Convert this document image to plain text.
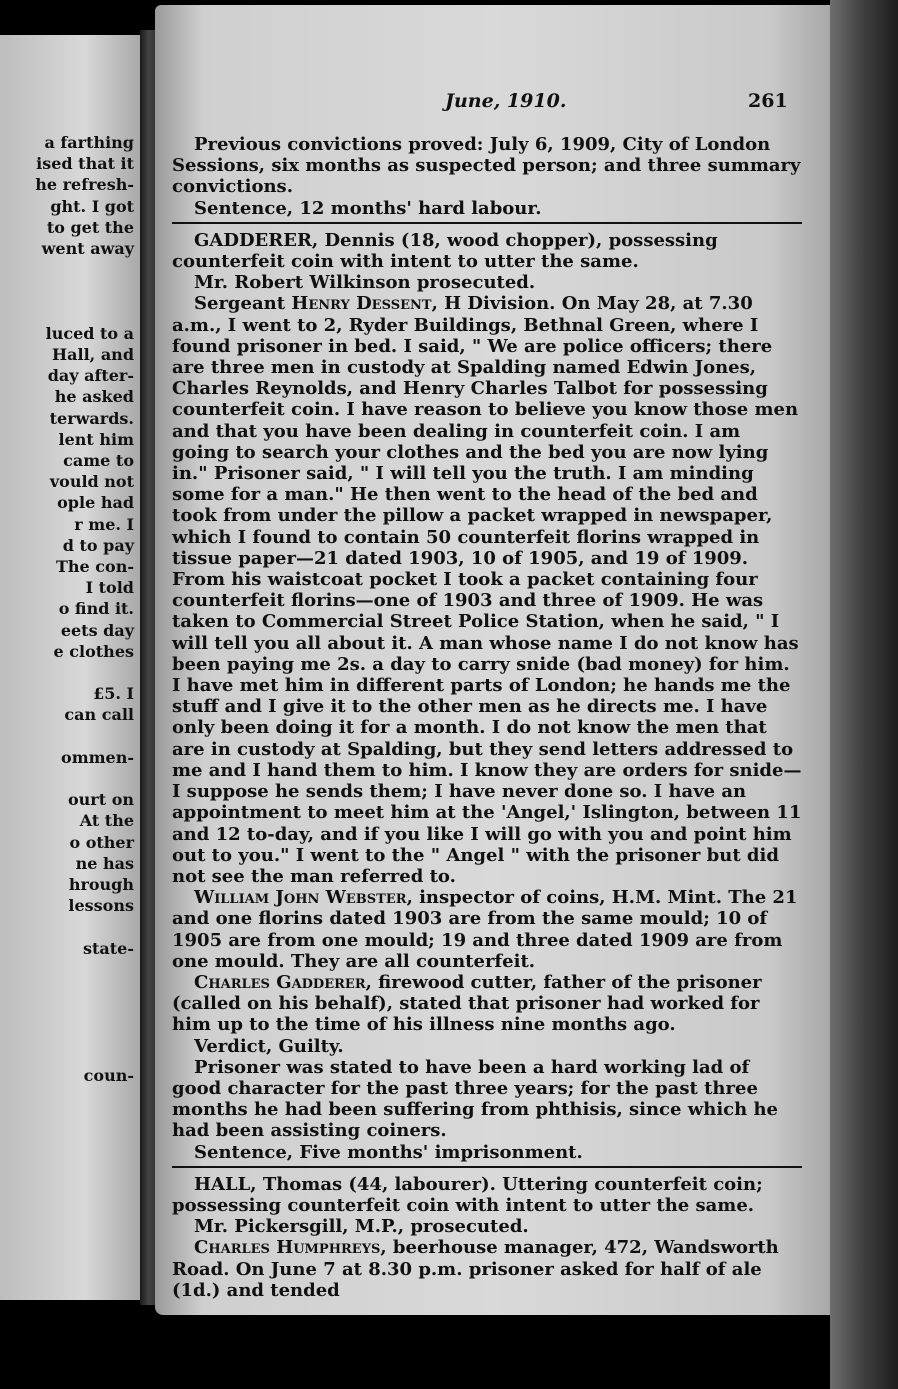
a farthing
ised that it
he refresh-
ght. I got
to get the
went away
luced to a
Hall, and
day after-
he asked
terwards.
lent him
came to
vould not
ople had
r me. I
d to pay
The con-
I told
o find it.
eets day
e clothes
£5. I
can call
ommen-
ourt on
At the
o other
ne has
hrough
lessons
state-
coun-
June, 1910.	261

Previous convictions proved: July 6, 1909, City of London Sessions, six months as suspected person; and three summary convictions.

Sentence, 12 months' hard labour.

GADDERER, Dennis (18, wood chopper), possessing counterfeit coin with intent to utter the same.

Mr. Robert Wilkinson prosecuted.

Sergeant Henry Dessent, H Division. On May 28, at 7.30 a.m., I went to 2, Ryder Buildings, Bethnal Green, where I found prisoner in bed. I said, " We are police officers; there are three men in custody at Spalding named Edwin Jones, Charles Reynolds, and Henry Charles Talbot for possessing counterfeit coin. I have reason to believe you know those men and that you have been dealing in counterfeit coin. I am going to search your clothes and the bed you are now lying in." Prisoner said, " I will tell you the truth. I am minding some for a man." He then went to the head of the bed and took from under the pillow a packet wrapped in newspaper, which I found to contain 50 counterfeit florins wrapped in tissue paper—21 dated 1903, 10 of 1905, and 19 of 1909. From his waistcoat pocket I took a packet containing four counterfeit florins—one of 1903 and three of 1909. He was taken to Commercial Street Police Station, when he said, " I will tell you all about it. A man whose name I do not know has been paying me 2s. a day to carry snide (bad money) for him. I have met him in different parts of London; he hands me the stuff and I give it to the other men as he directs me. I have only been doing it for a month. I do not know the men that are in custody at Spalding, but they send letters addressed to me and I hand them to him. I know they are orders for snide—I suppose he sends them; I have never done so. I have an appointment to meet him at the 'Angel,' Islington, between 11 and 12 to-day, and if you like I will go with you and point him out to you." I went to the " Angel " with the prisoner but did not see the man referred to.

William John Webster, inspector of coins, H.M. Mint. The 21 and one florins dated 1903 are from the same mould; 10 of 1905 are from one mould; 19 and three dated 1909 are from one mould. They are all counterfeit.

Charles Gadderer, firewood cutter, father of the prisoner (called on his behalf), stated that prisoner had worked for him up to the time of his illness nine months ago.

Verdict, Guilty.

Prisoner was stated to have been a hard working lad of good character for the past three years; for the past three months he had been suffering from phthisis, since which he had been assisting coiners.

Sentence, Five months' imprisonment.

HALL, Thomas (44, labourer). Uttering counterfeit coin; possessing counterfeit coin with intent to utter the same.

Mr. Pickersgill, M.P., prosecuted.

Charles Humphreys, beerhouse manager, 472, Wandsworth Road. On June 7 at 8.30 p.m. prisoner asked for half of ale (1d.) and tended
